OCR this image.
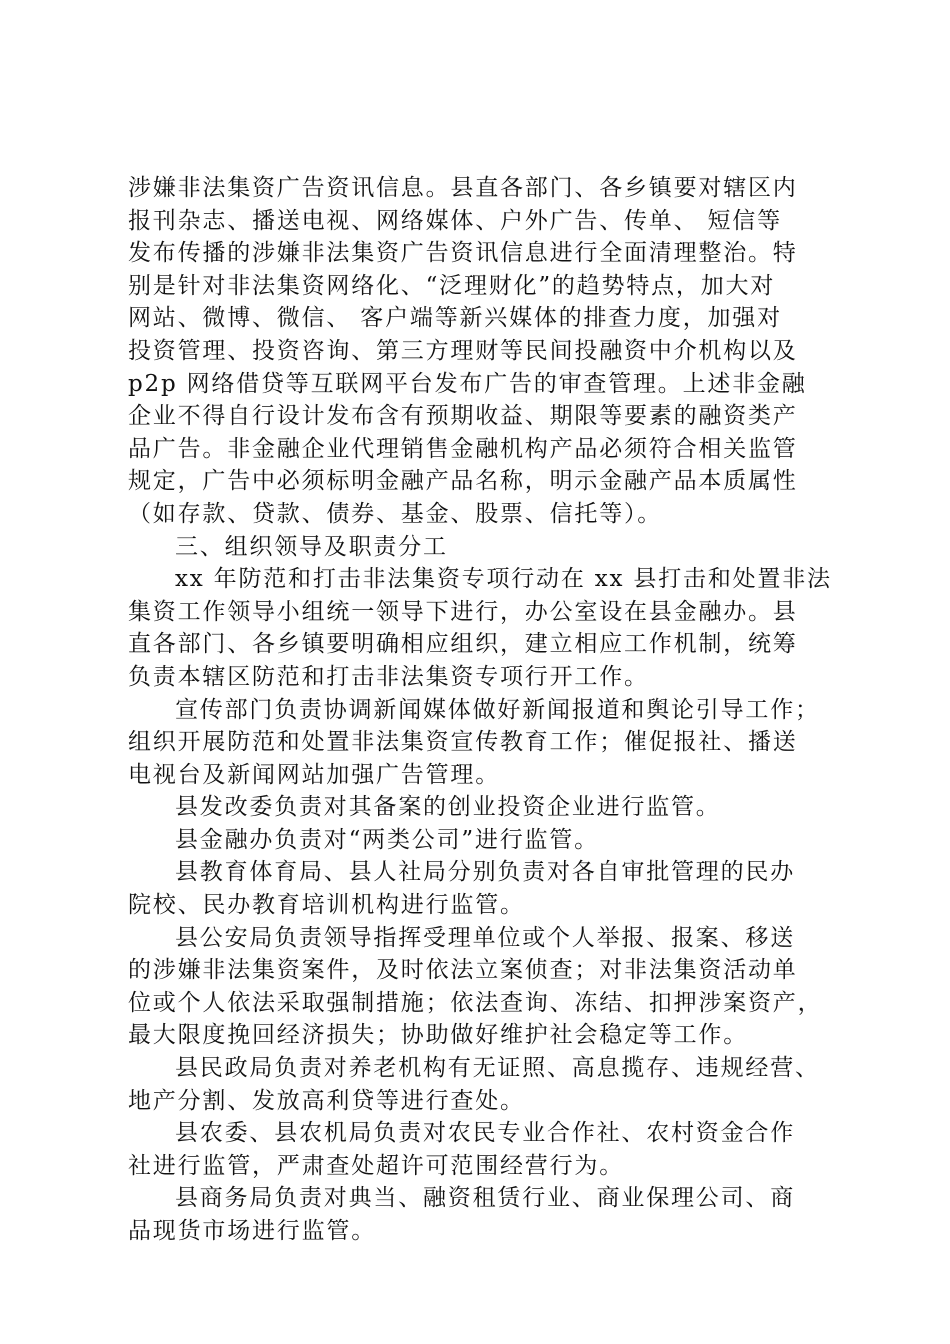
涉嫌非法集资广告资讯信息。县直各部门、各乡镇要对辖区内
报刊杂志、播送电视、网络媒体、户外广告、传单、 短信等
发布传播的涉嫌非法集资广告资讯信息进行全面清理整治。特
别是针对非法集资网络化、“泛理财化”的趋势特点，加大对
网站、微博、微信、 客户端等新兴媒体的排查力度，加强对
投资管理、投资咨询、第三方理财等民间投融资中介机构以及
p2p 网络借贷等互联网平台发布广告的审查管理。上述非金融
企业不得自行设计发布含有预期收益、期限等要素的融资类产
品广告。非金融企业代理销售金融机构产品必须符合相关监管
规定，广告中必须标明金融产品名称，明示金融产品本质属性
（如存款、贷款、债券、基金、股票、信托等）。
三、组织领导及职责分工
xx 年防范和打击非法集资专项行动在 xx 县打击和处置非法
集资工作领导小组统一领导下进行，办公室设在县金融办。县
直各部门、各乡镇要明确相应组织，建立相应工作机制，统筹
负责本辖区防范和打击非法集资专项行开工作。
宣传部门负责协调新闻媒体做好新闻报道和舆论引导工作；
组织开展防范和处置非法集资宣传教育工作；催促报社、播送
电视台及新闻网站加强广告管理。
县发改委负责对其备案的创业投资企业进行监管。
县金融办负责对“两类公司”进行监管。
县教育体育局、县人社局分别负责对各自审批管理的民办
院校、民办教育培训机构进行监管。
县公安局负责领导指挥受理单位或个人举报、报案、移送
的涉嫌非法集资案件，及时依法立案侦查；对非法集资活动单
位或个人依法采取强制措施；依法查询、冻结、扣押涉案资产，
最大限度挽回经济损失；协助做好维护社会稳定等工作。
县民政局负责对养老机构有无证照、高息揽存、违规经营、
地产分割、发放高利贷等进行查处。
县农委、县农机局负责对农民专业合作社、农村资金合作
社进行监管，严肃查处超许可范围经营行为。
县商务局负责对典当、融资租赁行业、商业保理公司、商
品现货市场进行监管。
